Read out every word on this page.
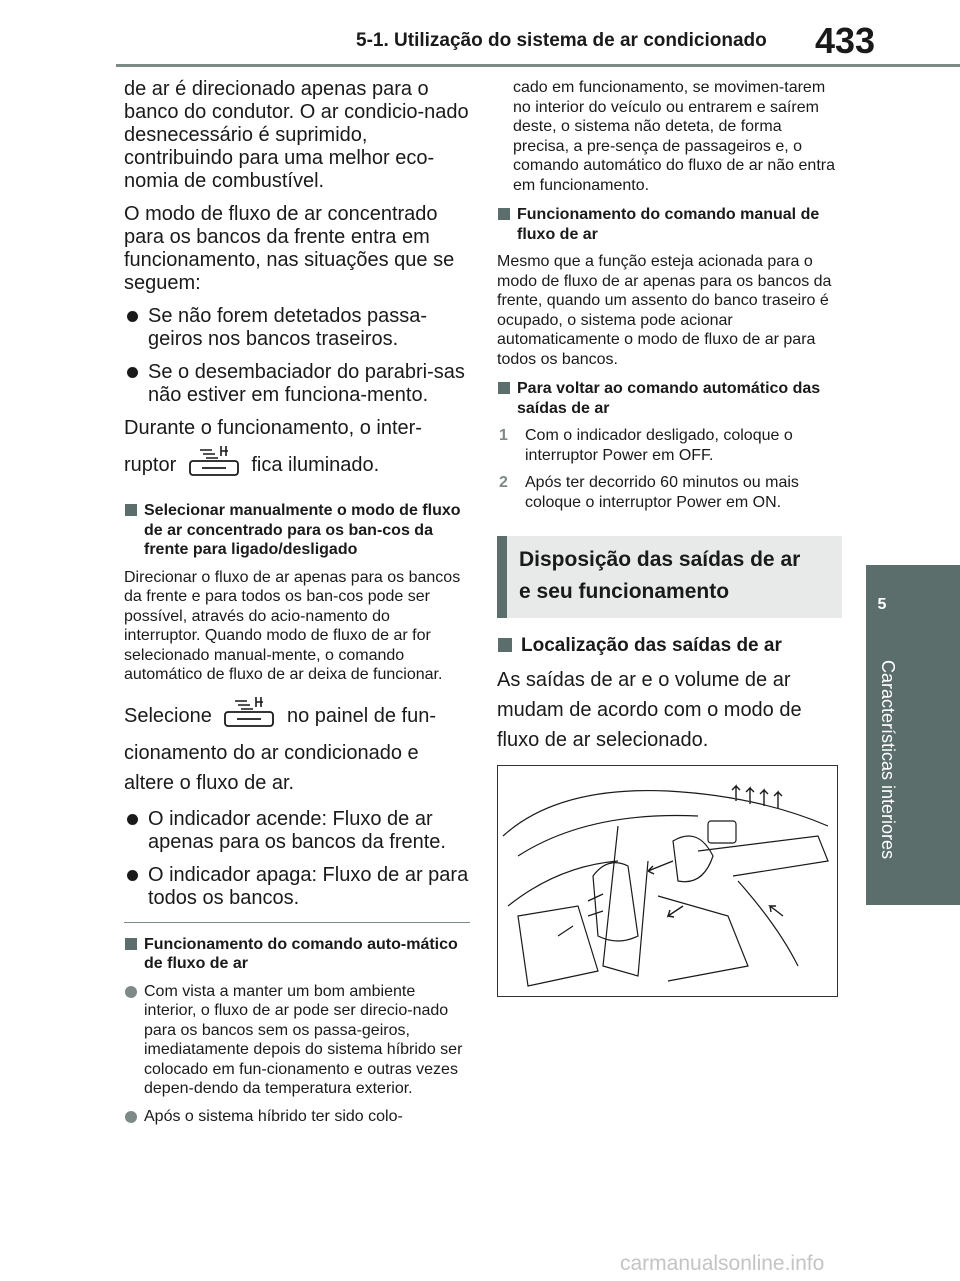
5-1. Utilização do sistema de ar condicionado 433
5
Características interiores

de ar é direcionado apenas para o banco do condutor. O ar condicio-nado desnecessário é suprimido, contribuindo para uma melhor eco-nomia de combustível.

O modo de fluxo de ar concentrado para os bancos da frente entra em funcionamento, nas situações que se seguem:

Se não forem detetados passa-geiros nos bancos traseiros.

Se o desembaciador do parabri-sas não estiver em funciona-mento.

Durante o funcionamento, o inter-

ruptor	fica iluminado.

Selecionar manualmente o modo de fluxo de ar concentrado para os ban-cos da frente para ligado/desligado

Direcionar o fluxo de ar apenas para os bancos da frente e para todos os ban-cos pode ser possível, através do acio-namento do interruptor. Quando modo de fluxo de ar for selecionado manual-mente, o comando automático de fluxo de ar deixa de funcionar.

Selecione	no painel de fun-

cionamento do ar condicionado e altere o fluxo de ar.

O indicador acende: Fluxo de ar apenas para os bancos da frente.

O indicador apaga: Fluxo de ar para todos os bancos.

Funcionamento do comando auto-mático de fluxo de ar

Com vista a manter um bom ambiente interior, o fluxo de ar pode ser direcio-nado para os bancos sem os passa-geiros, imediatamente depois do sistema híbrido ser colocado em fun-cionamento e outras vezes depen-dendo da temperatura exterior.

Após o sistema híbrido ter sido colo-

cado em funcionamento, se movimen-tarem no interior do veículo ou entrarem e saírem deste, o sistema não deteta, de forma precisa, a pre-sença de passageiros e, o comando automático do fluxo de ar não entra em funcionamento.

Funcionamento do comando manual de fluxo de ar

Mesmo que a função esteja acionada para o modo de fluxo de ar apenas para os bancos da frente, quando um assento do banco traseiro é ocupado, o sistema pode acionar automaticamente o modo de fluxo de ar para todos os bancos.

Para voltar ao comando automático das saídas de ar

1 Com o indicador desligado, coloque o interruptor Power em OFF.
2 Após ter decorrido 60 minutos ou mais coloque o interruptor Power em ON.
Disposição das saídas de ar
e seu funcionamento

Localização das saídas de ar

As saídas de ar e o volume de ar mudam de acordo com o modo de fluxo de ar selecionado.

carmanualsonline.info
